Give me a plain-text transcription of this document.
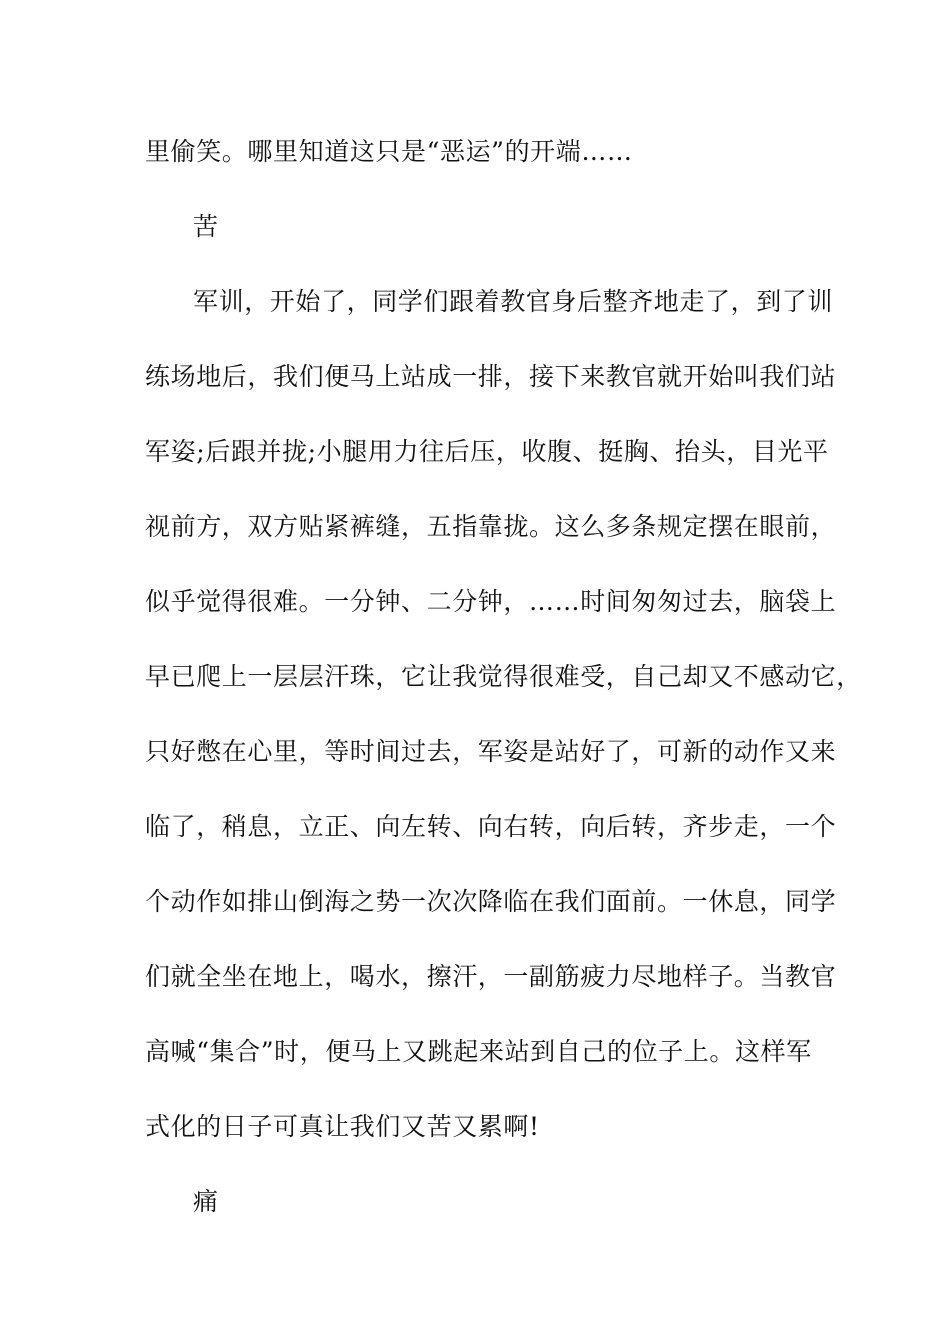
里偷笑。哪里知道这只是“恶运”的开端……
苦
军训，开始了，同学们跟着教官身后整齐地走了，到了训
练场地后，我们便马上站成一排，接下来教官就开始叫我们站
军姿;后跟并拢;小腿用力往后压，收腹、挺胸、抬头，目光平
视前方，双方贴紧裤缝，五指靠拢。这么多条规定摆在眼前，
似乎觉得很难。一分钟、二分钟，……时间匆匆过去，脑袋上
早已爬上一层层汗珠，它让我觉得很难受，自己却又不感动它，
只好憋在心里，等时间过去，军姿是站好了，可新的动作又来
临了，稍息，立正、向左转、向右转，向后转，齐步走，一个
个动作如排山倒海之势一次次降临在我们面前。一休息，同学
们就全坐在地上，喝水，擦汗，一副筋疲力尽地样子。当教官
高喊“集合”时，便马上又跳起来站到自己的位子上。这样军
式化的日子可真让我们又苦又累啊!
痛
